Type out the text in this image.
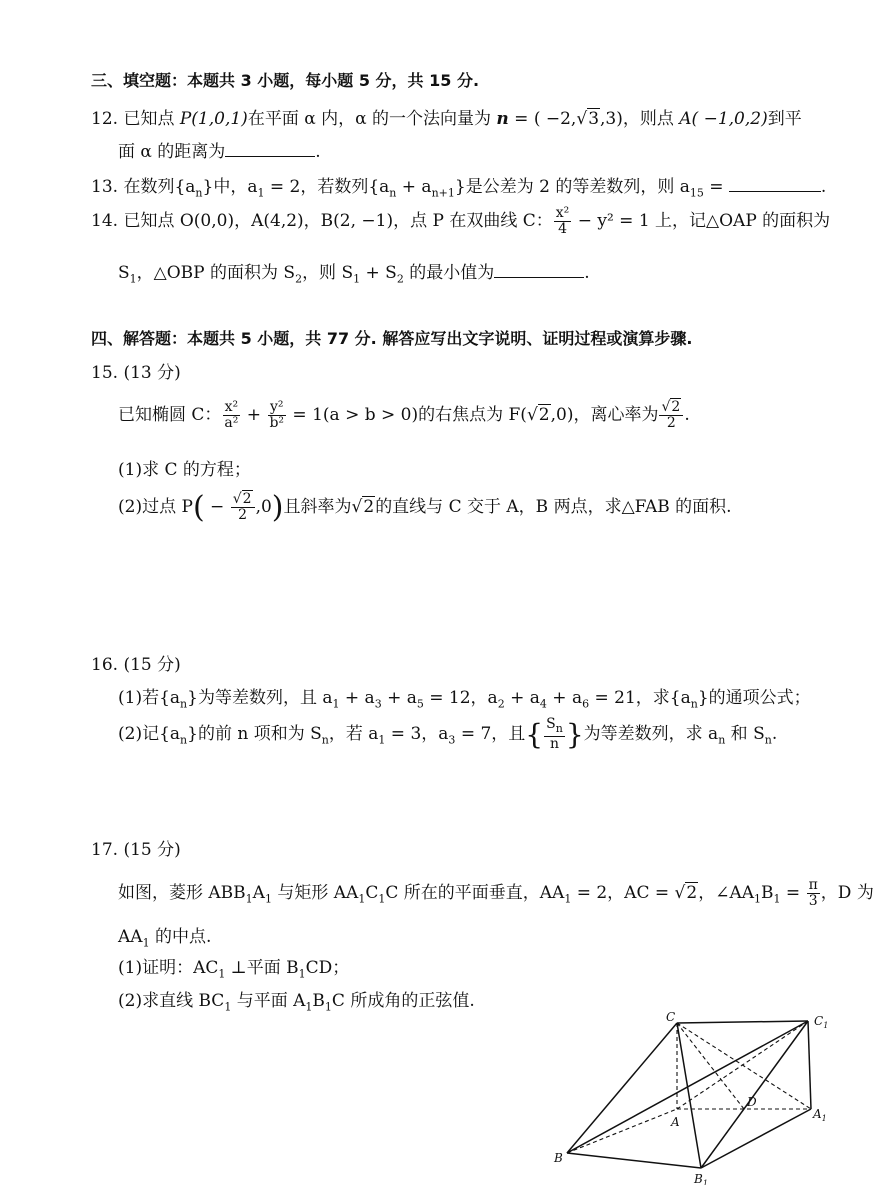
三、填空题：本题共 3 小题，每小题 5 分，共 15 分.
12. 已知点 P(1,0,1)在平面 α 内，α 的一个法向量为 n = ( −2,√3,3)，则点 A( −1,0,2)到平
面 α 的距离为	.
13. 在数列$\{a_n\}$中，$a_1 = 2$，若数列$\{a_n + a_{n+1}\}$是公差为 2 的等差数列，则 $a_{15}$ =	.
14. 已知点 O(0,0)，A(4,2)，B(2, −1)，点 P 在双曲线 C： $\frac{\text{x²}}{4} - y^2 = 1$ 上，记△OAP 的面积为
$S_1$，△OBP 的面积为 $S_2$，则 $S_1 + S_2$ 的最小值为	.
四、解答题：本题共 5 小题，共 77 分. 解答应写出文字说明、证明过程或演算步骤.
15. (13 分)
已知椭圆 C： $\frac{\text{x²}}{\text{a²}} + \frac{\text{y²}}{\text{b²}} = 1(a > b > 0)$的右焦点为 F(√2,0)，离心率为 $\frac{√2}{2}$ .
(1)求 C 的方程；
(2)过点 $P( - \frac{√2}{2} ,0)$且斜率为√2的直线与 C 交于 A，B 两点，求△FAB 的面积.
16. (15 分)
(1)若$\{a_n\}$为等差数列，且 $a_1 + a_3 + a_5 = 12$，$a_2 + a_4 + a_6 = 21$，求$\{a_n\}$的通项公式；
(2)记$\{a_n\}$的前 n 项和为 $S_n$，若 $a_1 = 3$，$a_3 = 7$，且{ $\frac{S_n}{n}$ }为等差数列，求 $a_n$ 和 $S_n$.
17. (15 分)
如图，菱形 $ABB_1A_1$ 与矩形 $AA_1C_1C$ 所在的平面垂直，$AA_1 = 2$，AC = √2，$\angle AA_1B_1 = \frac{\pi}{3}$ ，D 为
$AA_1$ 的中点.
(1)证明：$AC_1$ ⊥平面 $B_1CD$；
(2)求直线 $BC_1$ 与平面 $A_1B_1C$ 所成角的正弦值.
C	$C_1$
A
D
$A_1$
B
$B_1$
